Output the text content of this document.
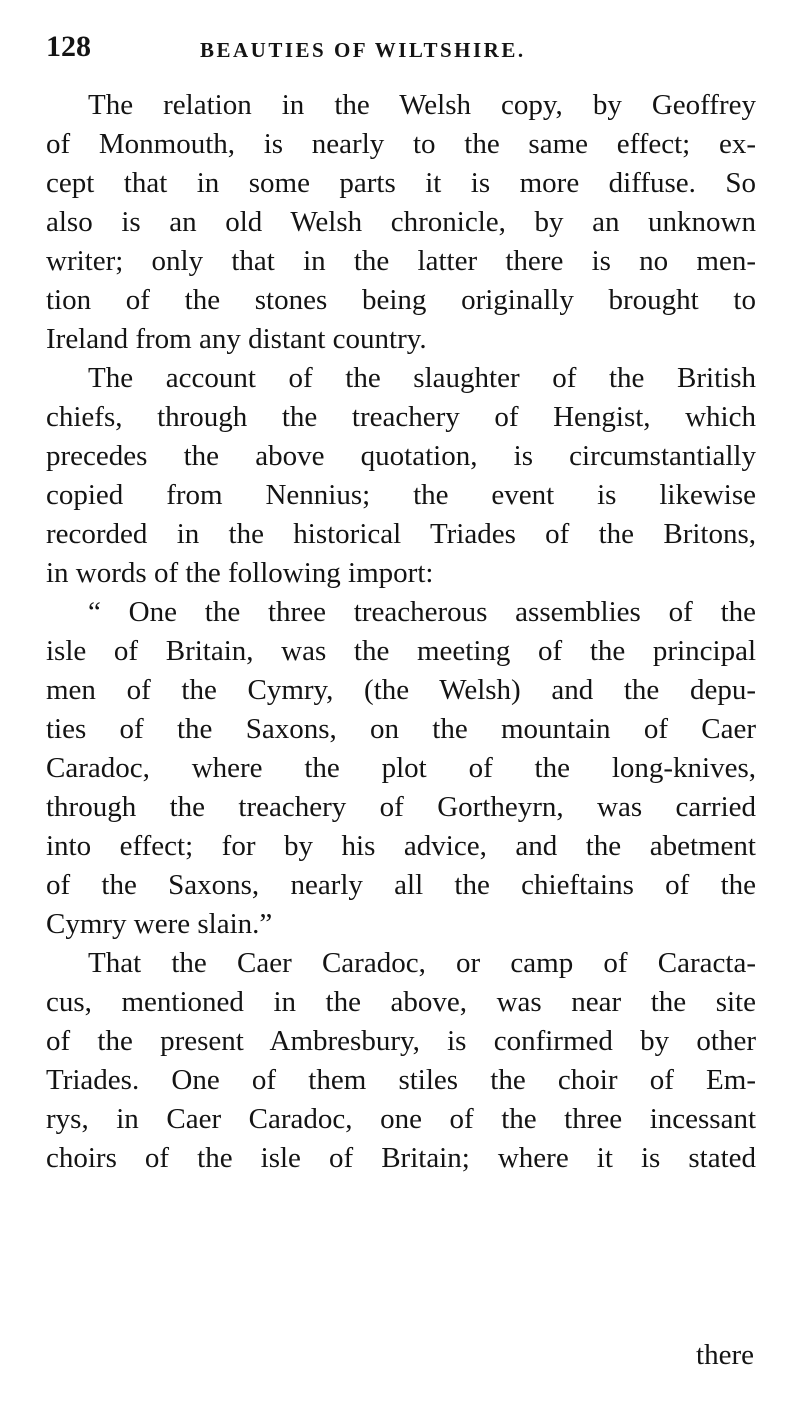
128	BEAUTIES OF WILTSHIRE.
The relation in the Welsh copy, by Geoffrey
of Monmouth, is nearly to the same effect; ex-
cept that in some parts it is more diffuse. So
also is an old Welsh chronicle, by an unknown
writer; only that in the latter there is no men-
tion of the stones being originally brought to
Ireland from any distant country.
The account of the slaughter of the British
chiefs, through the treachery of Hengist, which
precedes the above quotation, is circumstantially
copied from Nennius; the event is likewise
recorded in the historical Triades of the Britons,
in words of the following import:
“ One the three treacherous assemblies of the
isle of Britain, was the meeting of the principal
men of the Cymry, (the Welsh) and the depu-
ties of the Saxons, on the mountain of Caer
Caradoc, where the plot of the long-knives,
through the treachery of Gortheyrn, was carried
into effect; for by his advice, and the abetment
of the Saxons, nearly all the chieftains of the
Cymry were slain.”
That the Caer Caradoc, or camp of Caracta-
cus, mentioned in the above, was near the site
of the present Ambresbury, is confirmed by other
Triades. One of them stiles the choir of Em-
rys, in Caer Caradoc, one of the three incessant
choirs of the isle of Britain; where it is stated
there
